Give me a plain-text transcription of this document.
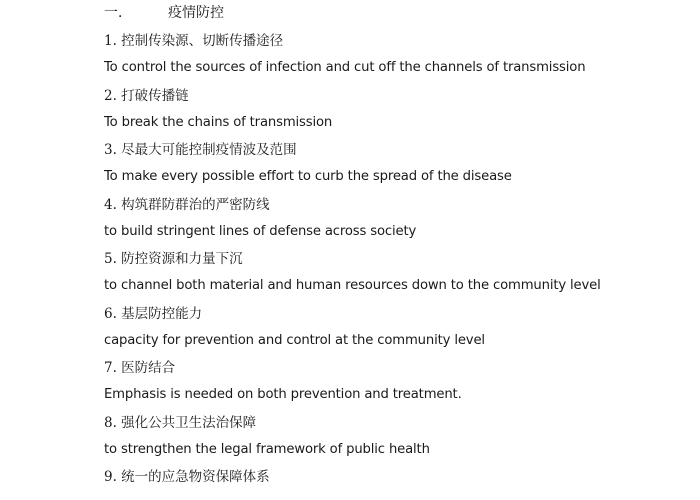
一．	疫情防控
1. 控制传染源、切断传播途径
To control the sources of infection and cut off the channels of transmission
2. 打破传播链
To break the chains of transmission
3. 尽最大可能控制疫情波及范围
To make every possible effort to curb the spread of the disease
4. 构筑群防群治的严密防线
to build stringent lines of defense across society
5. 防控资源和力量下沉
to channel both material and human resources down to the community level
6. 基层防控能力
capacity for prevention and control at the community level
7. 医防结合
Emphasis is needed on both prevention and treatment.
8. 强化公共卫生法治保障
to strengthen the legal framework of public health
9. 统一的应急物资保障体系
